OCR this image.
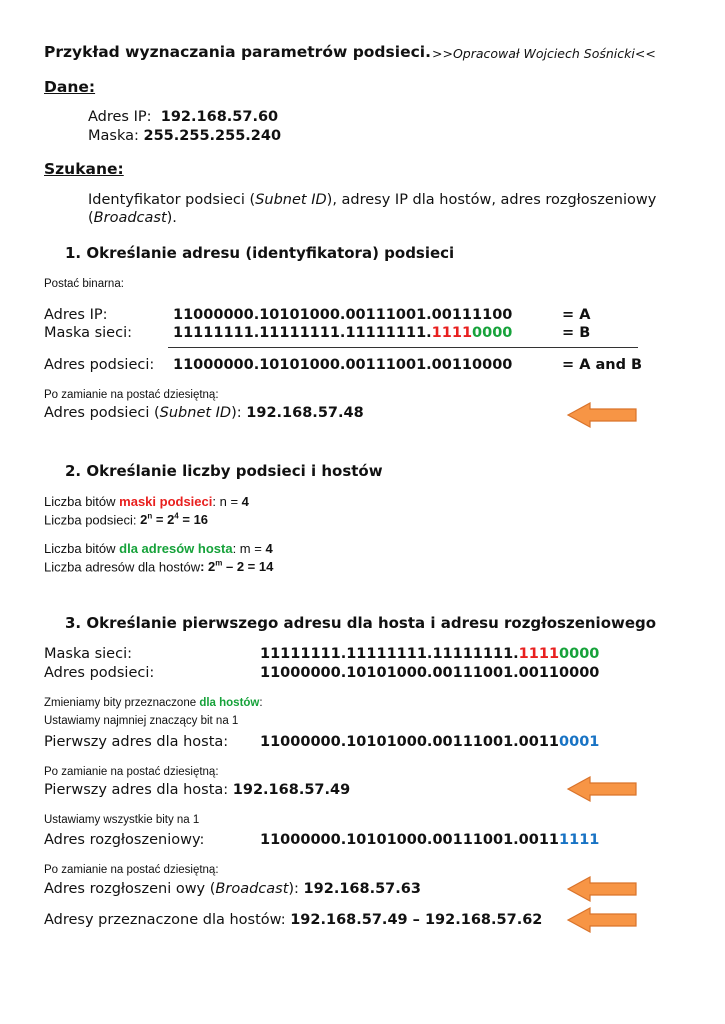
Przykład wyznaczania parametrów podsieci. >>Opracował Wojciech Sośnicki<<
Dane:
Adres IP: 192.168.57.60
Maska: 255.255.255.240
Szukane:
Identyfikator podsieci (Subnet ID), adresy IP dla hostów, adres rozgłoszeniowy
(Broadcast).
1. Określanie adresu (identyfikatora) podsieci
Postać binarna:
Adres IP:	11000000.10101000.00111001.00111100	= A
Maska sieci:	11111111.11111111.11111111.11110000	= B
Adres podsieci: 11000000.10101000.00111001.00110000	= A and B
Po zamianie na postać dziesiętną:
Adres podsieci (Subnet ID): 192.168.57.48
2. Określanie liczby podsieci i hostów
Liczba bitów maski podsieci: n = 4
Liczba podsieci: $2^n = 2^4 = 16$
Liczba bitów dla adresów hosta: m = 4
Liczba adresów dla hostów: 2$^m$ – 2 = 14
3. Określanie pierwszego adresu dla hosta i adresu rozgłoszeniowego
Maska sieci:	11111111.11111111.11111111.11110000
Adres podsieci:	11000000.10101000.00111001.00110000
Zmieniamy bity przeznaczone dla hostów:
Ustawiamy najmniej znaczący bit na 1
Pierwszy adres dla hosta: 11000000.10101000.00111001.00110001
Po zamianie na postać dziesiętną:
Pierwszy adres dla hosta: 192.168.57.49
Ustawiamy wszystkie bity na 1
Adres rozgłoszeniowy:	11000000.10101000.00111001.00111111
Po zamianie na postać dziesiętną:
Adres rozgłoszeni owy (Broadcast): 192.168.57.63
Adresy przeznaczone dla hostów: 192.168.57.49 – 192.168.57.62
